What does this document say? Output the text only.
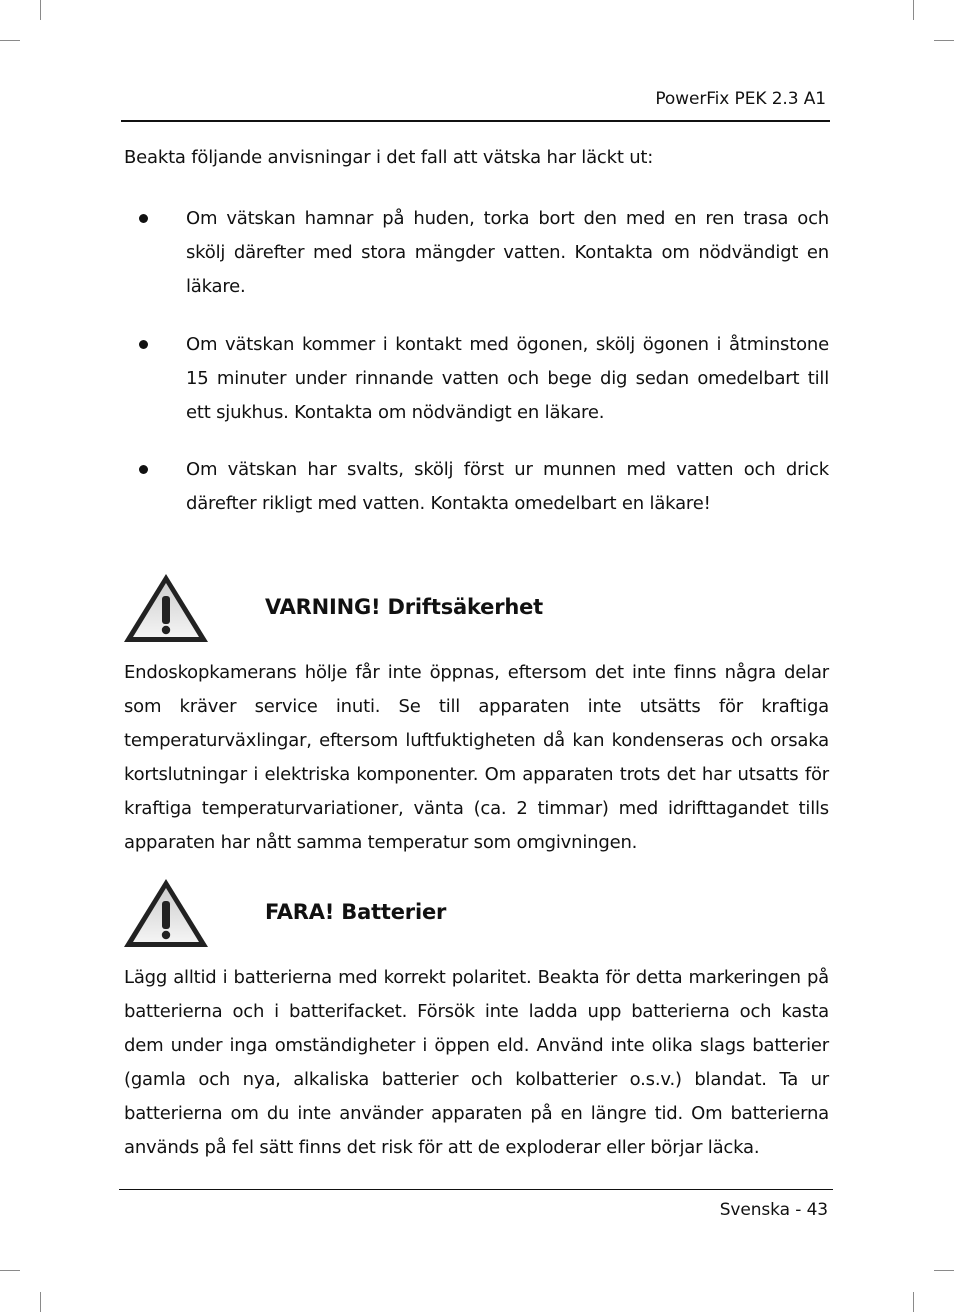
PowerFix PEK 2.3 A1
Beakta följande anvisningar i det fall att vätska har läckt ut:
Om vätskan hamnar på huden, torka bort den med en ren trasa och skölj därefter med stora mängder vatten. Kontakta om nödvändigt en läkare.
Om vätskan kommer i kontakt med ögonen, skölj ögonen i åtminstone 15 minuter under rinnande vatten och bege dig sedan omedelbart till ett sjukhus. Kontakta om nödvändigt en läkare.
Om vätskan har svalts, skölj först ur munnen med vatten och drick därefter rikligt med vatten. Kontakta omedelbart en läkare!
VARNING! Driftsäkerhet
Endoskopkamerans hölje får inte öppnas, eftersom det inte finns några delar som kräver service inuti. Se till apparaten inte utsätts för kraftiga temperaturväxlingar, eftersom luftfuktigheten då kan kondenseras och orsaka kortslutningar i elektriska komponenter. Om apparaten trots det har utsatts för kraftiga temperaturvariationer, vänta (ca. 2 timmar) med idrifttagandet tills apparaten har nått samma temperatur som omgivningen.
FARA! Batterier
Lägg alltid i batterierna med korrekt polaritet. Beakta för detta markeringen på batterierna och i batterifacket. Försök inte ladda upp batterierna och kasta dem under inga omständigheter i öppen eld. Använd inte olika slags batterier (gamla och nya, alkaliska batterier och kolbatterier o.s.v.) blandat. Ta ur batterierna om du inte använder apparaten på en längre tid. Om batterierna används på fel sätt finns det risk för att de exploderar eller börjar läcka.
Svenska - 43
